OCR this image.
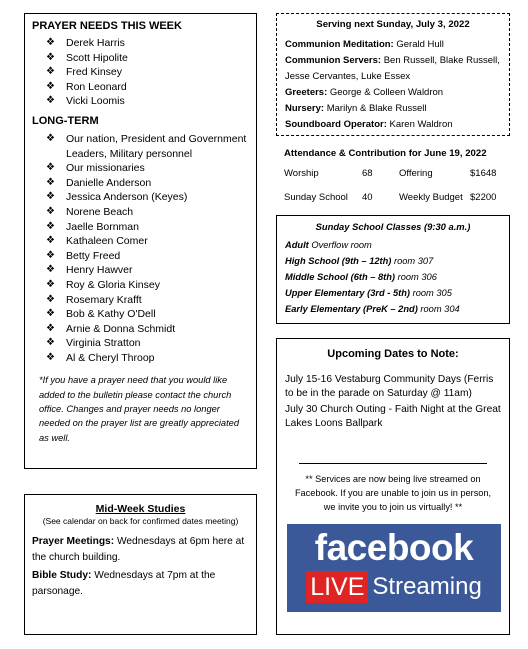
PRAYER NEEDS THIS WEEK
❖ Derek Harris
❖ Scott Hipolite
❖ Fred Kinsey
❖ Ron Leonard
❖ Vicki Loomis
LONG-TERM
❖ Our nation, President and Government Leaders, Military personnel
❖ Our missionaries
❖ Danielle Anderson
❖ Jessica Anderson (Keyes)
❖ Norene Beach
❖ Jaelle Bornman
❖ Kathaleen Comer
❖ Betty Freed
❖ Henry Hawver
❖ Roy & Gloria Kinsey
❖ Rosemary Krafft
❖ Bob & Kathy O'Dell
❖ Arnie & Donna Schmidt
❖ Virginia Stratton
❖ Al & Cheryl Throop
*If you have a prayer need that you would like added to the bulletin please contact the church office. Changes and prayer needs no longer needed on the prayer list are greatly appreciated as well.
Serving next Sunday, July 3, 2022
Communion Meditation: Gerald Hull
Communion Servers: Ben Russell, Blake Russell, Jesse Cervantes, Luke Essex
Greeters: George & Colleen Waldron
Nursery: Marilyn & Blake Russell
Soundboard Operator: Karen Waldron
Attendance & Contribution for June 19, 2022
Worship	68	Offering	$1648
Sunday School	40	Weekly Budget	$2200
Sunday School Classes (9:30 a.m.)
Adult Overflow room
High School (9th – 12th) room 307
Middle School (6th – 8th) room 306
Upper Elementary (3rd - 5th) room 305
Early Elementary (PreK – 2nd) room 304
Upcoming Dates to Note:
July 15-16 Vestaburg Community Days (Ferris to be in the parade on Saturday @ 11am)
July 30 Church Outing - Faith Night at the Great Lakes Loons Ballpark
** Services are now being live streamed on Facebook. If you are unable to join us in person, we invite you to join us virtually! **
facebook
LIVE Streaming
Mid-Week Studies
(See calendar on back for confirmed dates meeting)
Prayer Meetings: Wednesdays at 6pm here at the church building.
Bible Study: Wednesdays at 7pm at the parsonage.
